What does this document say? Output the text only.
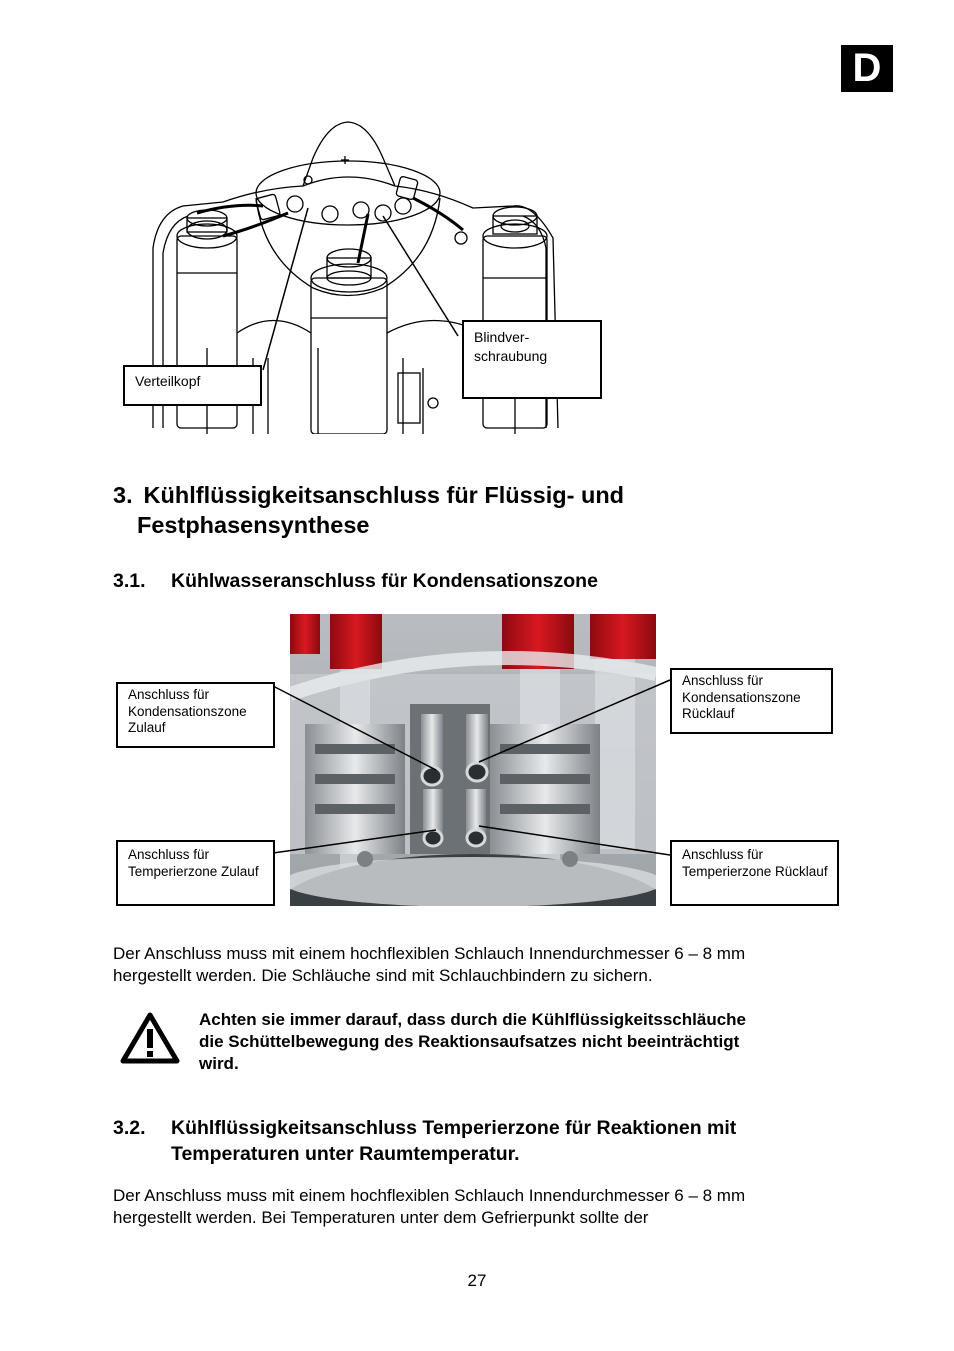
D
Verteilkopf
Blindver-
schraubung
3. Kühlflüssigkeitsanschluss für Flüssig- und
Festphasensynthese
3.1. Kühlwasseranschluss für Kondensationszone
Anschluss für
Kondensationszone
Zulauf
Anschluss für
Kondensationszone
Rücklauf
Anschluss für
Temperierzone Zulauf
Anschluss für
Temperierzone Rücklauf
Der Anschluss muss mit einem hochflexiblen Schlauch Innendurchmesser 6 – 8 mm
hergestellt werden. Die Schläuche sind mit Schlauchbindern zu sichern.
Achten sie immer darauf, dass durch die Kühlflüssigkeitsschläuche
die Schüttelbewegung des Reaktionsaufsatzes nicht beeinträchtigt
wird.
3.2. Kühlflüssigkeitsanschluss Temperierzone für Reaktionen mit
Temperaturen unter Raumtemperatur.
Der Anschluss muss mit einem hochflexiblen Schlauch Innendurchmesser 6 – 8 mm
hergestellt werden. Bei Temperaturen unter dem Gefrierpunkt sollte der
27
